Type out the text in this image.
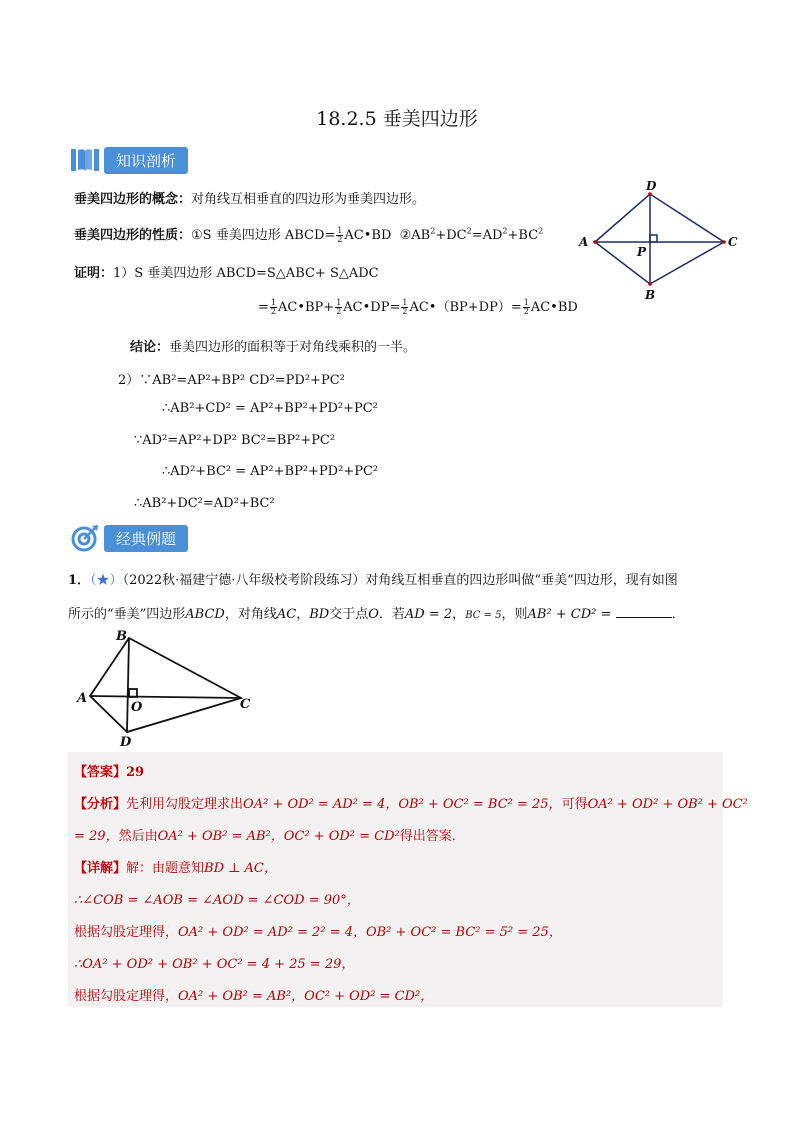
18.2.5 垂美四边形
知识剖析
垂美四边形的概念：对角线互相垂直的四边形为垂美四边形。
垂美四边形的性质：①S 垂美四边形 ABCD= $\frac{1}{2}$ AC•BD $②AB^2+DC^2=AD^2+BC^2$
证明：1）S 垂美四边形 ABCD=S△ABC+ S△ADC
= $\frac{1}{2}$ AC•BP+ $\frac{1}{2}$ AC•DP= $\frac{1}{2}$ AC•（BP+DP）= $\frac{1}{2}$ AC•BD
结论：垂美四边形的面积等于对角线乘积的一半。
2）∵AB²=AP²+BP² CD²=PD²+PC²
∴AB²+CD² = AP²+BP²+PD²+PC²
∵AD²=AP²+DP² BC²=BP²+PC²
∴AD²+BC² = AP²+BP²+PD²+PC²
∴AB²+DC²=AD²+BC²
D
A	C
P
B
经典例题
1．（★）（2022秋·福建宁德·八年级校考阶段练习）对角线互相垂直的四边形叫做“垂美”四边形，现有如图
所示的“垂美”四边形ABCD，对角线AC，BD交于点O．若AD = 2，BC = 5，则AB² + CD² =	．
B
A
O	C
D
【答案】29
【分析】先利用勾股定理求出OA² + OD² = AD² = 4，OB² + OC² = BC² = 25，可得OA² + OD² + OB² + OC²
= 29，然后由OA² + OB² = AB²，OC² + OD² = CD²得出答案．
【详解】解：由题意知BD ⊥ AC，
∴∠COB = ∠AOB = ∠AOD = ∠COD = 90°，
根据勾股定理得，OA² + OD² = AD² = 2² = 4，OB² + OC² = BC² = 5² = 25，
∴OA² + OD² + OB² + OC² = 4 + 25 = 29，
根据勾股定理得，OA² + OB² = AB²，OC² + OD² = CD²，
